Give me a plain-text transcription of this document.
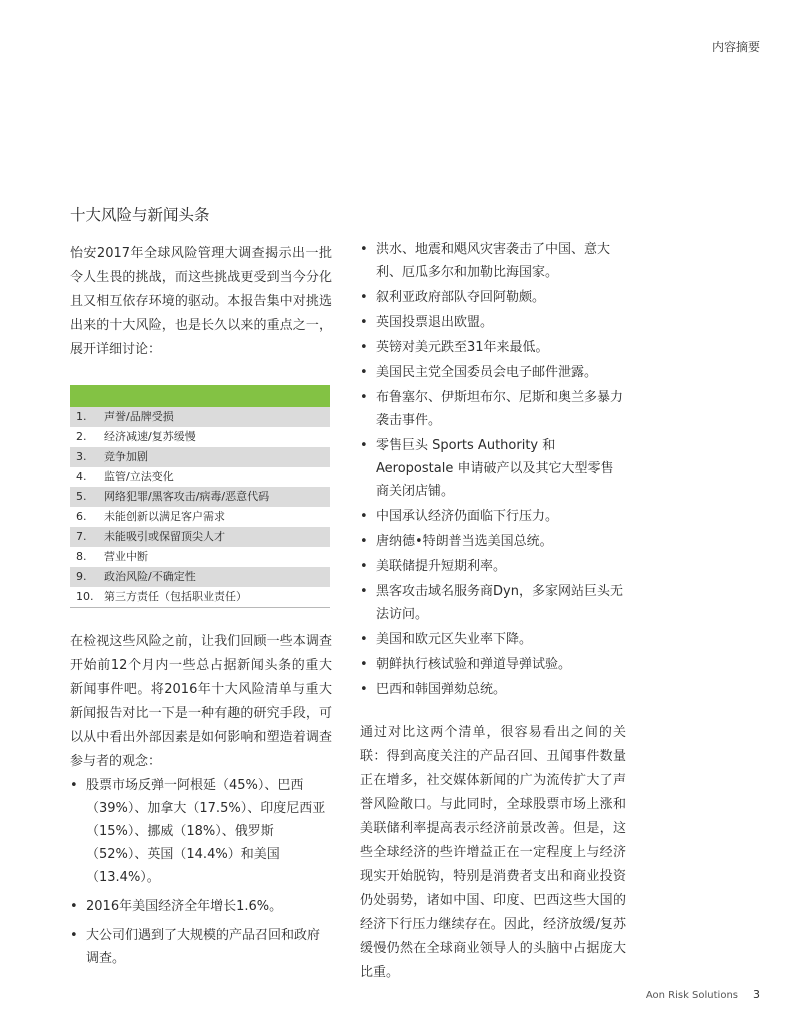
内容摘要
十大风险与新闻头条

怡安2017年全球风险管理大调查揭示出一批令人生畏的挑战，而这些挑战更受到当今分化且又相互依存环境的驱动。本报告集中对挑选出来的十大风险，也是长久以来的重点之一，展开详细讨论：

1.	声誉/品牌受损
2.	经济减速/复苏缓慢
3.	竞争加剧
4.	监管/立法变化
5.	网络犯罪/黑客攻击/病毒/恶意代码
6.	未能创新以满足客户需求
7.	未能吸引或保留顶尖人才
8.	营业中断
9.	政治风险/不确定性
10. 第三方责任（包括职业责任）

在检视这些风险之前，让我们回顾一些本调查开始前12个月内一些总占据新闻头条的重大新闻事件吧。将2016年十大风险清单与重大新闻报告对比一下是一种有趣的研究手段，可以从中看出外部因素是如何影响和塑造着调查参与者的观念：

• 股票市场反弹一阿根延（45%）、巴西（39%）、加拿大（17.5%）、印度尼西亚（15%）、挪威（18%）、俄罗斯（52%）、英国（14.4%）和美国（13.4%）。
• 2016年美国经济全年增长1.6%。
• 大公司们遇到了大规模的产品召回和政府调查。
• 洪水、地震和飓风灾害袭击了中国、意大利、厄瓜多尔和加勒比海国家。
• 叙利亚政府部队夺回阿勒颇。
• 英国投票退出欧盟。
• 英镑对美元跌至31年来最低。
• 美国民主党全国委员会电子邮件泄露。
• 布鲁塞尔、伊斯坦布尔、尼斯和奥兰多暴力袭击事件。
• 零售巨头 Sports Authority 和 Aeropostale 申请破产以及其它大型零售商关闭店铺。
• 中国承认经济仍面临下行压力。
• 唐纳德•特朗普当选美国总统。
• 美联储提升短期利率。
• 黑客攻击域名服务商Dyn，多家网站巨头无法访问。
• 美国和欧元区失业率下降。
• 朝鲜执行核试验和弹道导弹试验。
• 巴西和韩国弹劾总统。

通过对比这两个清单，很容易看出之间的关联：得到高度关注的产品召回、丑闻事件数量正在增多，社交媒体新闻的广为流传扩大了声誉风险敞口。与此同时，全球股票市场上涨和美联储利率提高表示经济前景改善。但是，这些全球经济的些许增益正在一定程度上与经济现实开始脱钩，特别是消费者支出和商业投资仍处弱势，诸如中国、印度、巴西这些大国的经济下行压力继续存在。因此，经济放缓/复苏缓慢仍然在全球商业领导人的头脑中占据庞大比重。

Aon Risk Solutions 3
